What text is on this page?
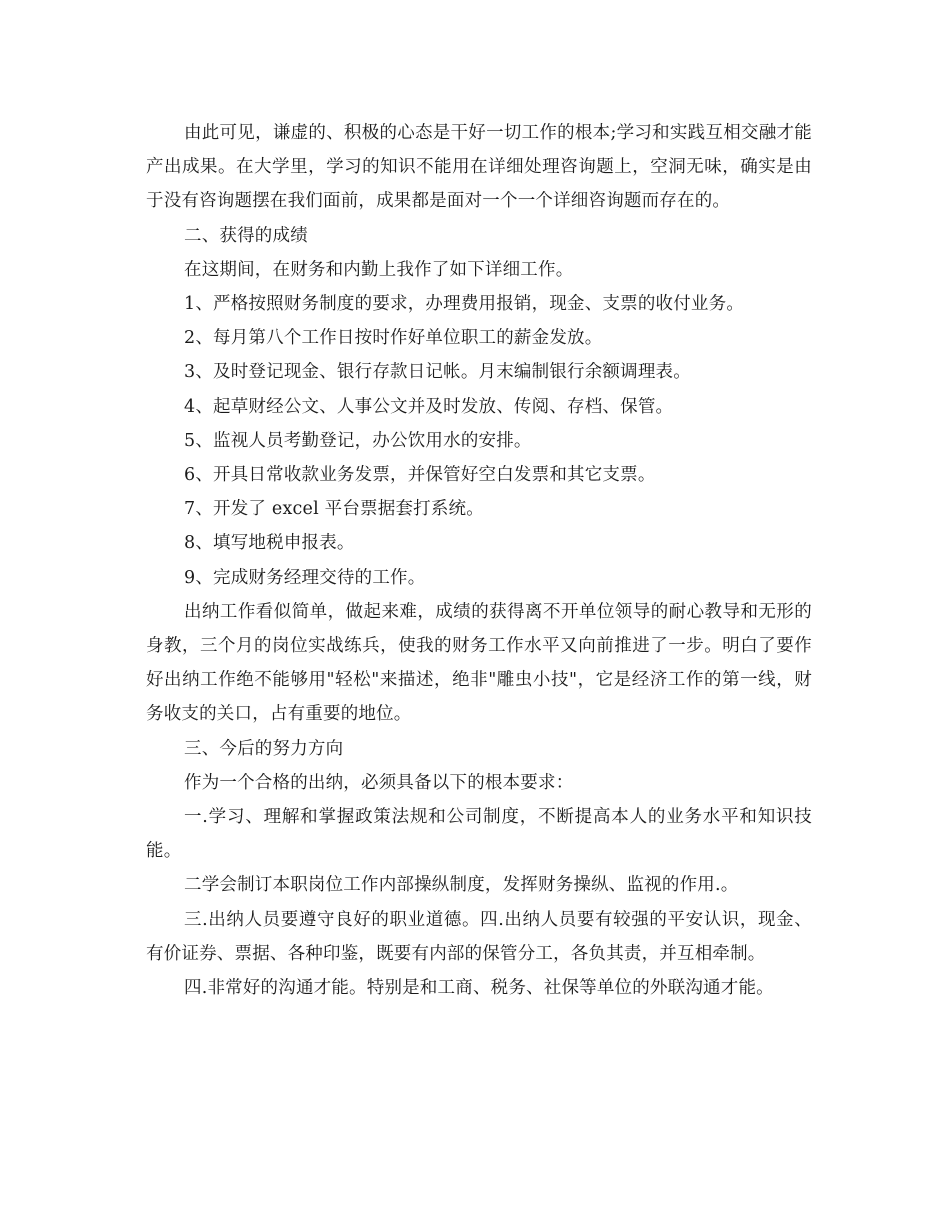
由此可见，谦虚的、积极的心态是干好一切工作的根本;学习和实践互相交融才能产出成果。在大学里，学习的知识不能用在详细处理咨询题上，空洞无味，确实是由于没有咨询题摆在我们面前，成果都是面对一个一个详细咨询题而存在的。

二、获得的成绩

在这期间，在财务和内勤上我作了如下详细工作。

1、严格按照财务制度的要求，办理费用报销，现金、支票的收付业务。

2、每月第八个工作日按时作好单位职工的薪金发放。

3、及时登记现金、银行存款日记帐。月末编制银行余额调理表。

4、起草财经公文、人事公文并及时发放、传阅、存档、保管。

5、监视人员考勤登记，办公饮用水的安排。

6、开具日常收款业务发票，并保管好空白发票和其它支票。

7、开发了 excel 平台票据套打系统。

8、填写地税申报表。

9、完成财务经理交待的工作。

出纳工作看似简单，做起来难，成绩的获得离不开单位领导的耐心教导和无形的身教，三个月的岗位实战练兵，使我的财务工作水平又向前推进了一步。明白了要作好出纳工作绝不能够用"轻松"来描述，绝非"雕虫小技"，它是经济工作的第一线，财务收支的关口，占有重要的地位。

三、今后的努力方向

作为一个合格的出纳，必须具备以下的根本要求：

一.学习、理解和掌握政策法规和公司制度，不断提高本人的业务水平和知识技能。

二学会制订本职岗位工作内部操纵制度，发挥财务操纵、监视的作用.。

三.出纳人员要遵守良好的职业道德。四.出纳人员要有较强的平安认识，现金、有价证券、票据、各种印鉴，既要有内部的保管分工，各负其责，并互相牵制。

四.非常好的沟通才能。特别是和工商、税务、社保等单位的外联沟通才能。
